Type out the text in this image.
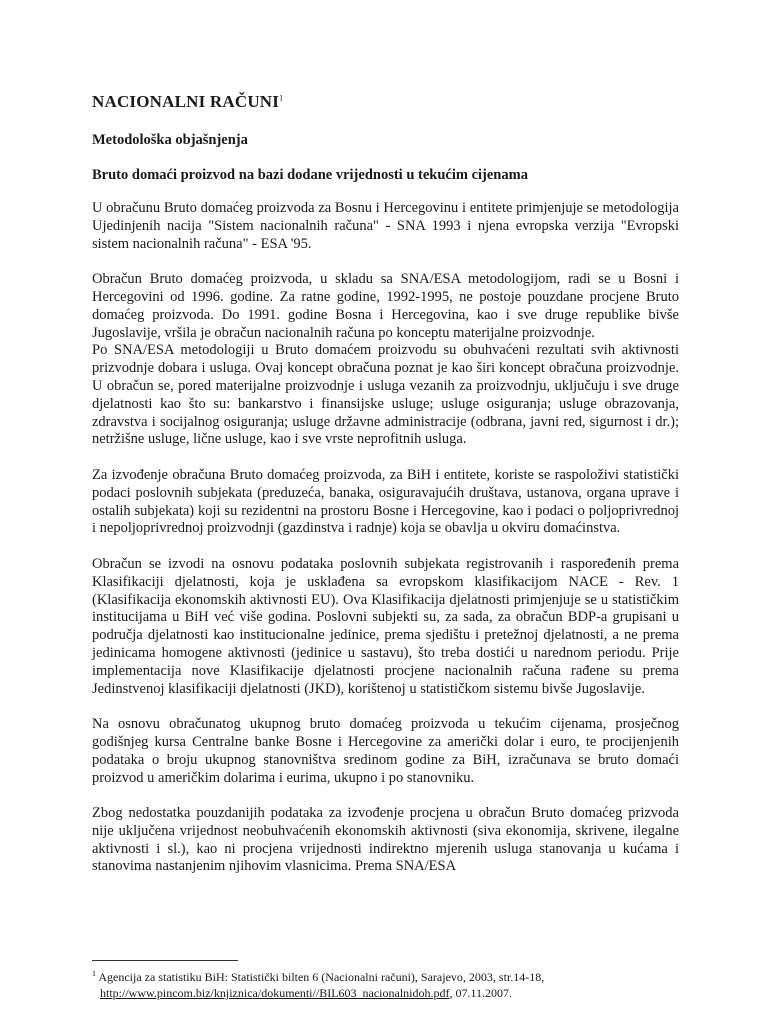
NACIONALNI RAČUNI$^1$
Metodološka objašnjenja
Bruto domaći proizvod na bazi dodane vrijednosti u tekućim cijenama

U obračunu Bruto domaćeg proizvoda za Bosnu i Hercegovinu i entitete primjenjuje se metodologija Ujedinjenih nacija "Sistem nacionalnih računa" - SNA 1993 i njena evropska verzija "Evropski sistem nacionalnih računa" - ESA '95.

Obračun Bruto domaćeg proizvoda, u skladu sa SNA/ESA metodologijom, radi se u Bosni i Hercegovini od 1996. godine. Za ratne godine, 1992-1995, ne postoje pouzdane procjene Bruto domaćeg proizvoda. Do 1991. godine Bosna i Hercegovina, kao i sve druge republike bivše Jugoslavije, vršila je obračun nacionalnih računa po konceptu materijalne proizvodnje.

Po SNA/ESA metodologiji u Bruto domaćem proizvodu su obuhvaćeni rezultati svih aktivnosti prizvodnje dobara i usluga. Ovaj koncept obračuna poznat je kao širi koncept obračuna proizvodnje. U obračun se, pored materijalne proizvodnje i usluga vezanih za proizvodnju, uključuju i sve druge djelatnosti kao što su: bankarstvo i finansijske usluge; usluge osiguranja; usluge obrazovanja, zdravstva i socijalnog osiguranja; usluge državne administracije (odbrana, javni red, sigurnost i dr.); netržišne usluge, lične usluge, kao i sve vrste neprofitnih usluga.

Za izvođenje obračuna Bruto domaćeg proizvoda, za BiH i entitete, koriste se raspoloživi statistički podaci poslovnih subjekata (preduzeća, banaka, osiguravajućih društava, ustanova, organa uprave i ostalih subjekata) koji su rezidentni na prostoru Bosne i Hercegovine, kao i podaci o poljoprivrednoj i nepoljoprivrednoj proizvodnji (gazdinstva i radnje) koja se obavlja u okviru domaćinstva.

Obračun se izvodi na osnovu podataka poslovnih subjekata registrovanih i raspoređenih prema Klasifikaciji djelatnosti, koja je usklađena sa evropskom klasifikacijom NACE - Rev. 1 (Klasifikacija ekonomskih aktivnosti EU). Ova Klasifikacija djelatnosti primjenjuje se u statističkim institucijama u BiH već više godina. Poslovni subjekti su, za sada, za obračun BDP-a grupisani u područja djelatnosti kao institucionalne jedinice, prema sjedištu i pretežnoj djelatnosti, a ne prema jedinicama homogene aktivnosti (jedinice u sastavu), što treba dostići u narednom periodu. Prije implementacija nove Klasifikacije djelatnosti procjene nacionalnih računa rađene su prema Jedinstvenoj klasifikaciji djelatnosti (JKD), korištenoj u statističkom sistemu bivše Jugoslavije.

Na osnovu obračunatog ukupnog bruto domaćeg proizvoda u tekućim cijenama, prosječnog godišnjeg kursa Centralne banke Bosne i Hercegovine za američki dolar i euro, te procijenjenih podataka o broju ukupnog stanovništva sredinom godine za BiH, izračunava se bruto domaći proizvod u američkim dolarima i eurima, ukupno i po stanovniku.

Zbog nedostatka pouzdanijih podataka za izvođenje procjena u obračun Bruto domaćeg prizvoda nije uključena vrijednost neobuhvaćenih ekonomskih aktivnosti (siva ekonomija, skrivene, ilegalne aktivnosti i sl.), kao ni procjena vrijednosti indirektno mjerenih usluga stanovanja u kućama i stanovima nastanjenim njihovim vlasnicima. Prema SNA/ESA

$^1$ Agencija za statistiku BiH: Statistički bilten 6 (Nacionalni računi), Sarajevo, 2003, str.14-18,
http://www.pincom.biz/knjiznica/dokumenti//BIL603_nacionalnidoh.pdf, 07.11.2007.
